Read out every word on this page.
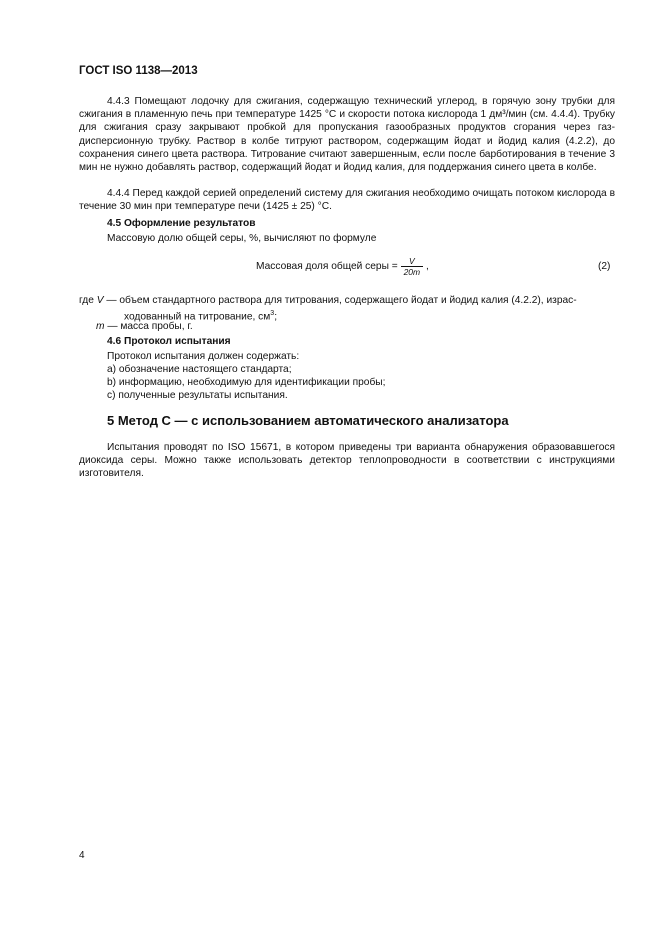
ГОСТ ISO 1138—2013
4.4.3 Помещают лодочку для сжигания, содержащую технический углерод, в горячую зону трубки для сжигания в пламенную печь при температуре 1425 °С и скорости потока кислорода 1 дм³/мин (см. 4.4.4). Трубку для сжигания сразу закрывают пробкой для пропускания газообразных продуктов сгорания через газ-дисперсионную трубку. Раствор в колбе титруют раствором, содержащим йодат и йодид калия (4.2.2), до сохранения синего цвета раствора. Титрование считают завершенным, если после барботирования в течение 3 мин не нужно добавлять раствор, содержащий йодат и йодид калия, для поддержания синего цвета в колбе.
4.4.4 Перед каждой серией определений систему для сжигания необходимо очищать потоком кислорода в течение 30 мин при температуре печи (1425 ± 25) °С.
4.5 Оформление результатов
Массовую долю общей серы, %, вычисляют по формуле
Массовая доля общей серы = $\frac{V}{20m}$ ,	(2)
где V — объем стандартного раствора для титрования, содержащего йодат и йодид калия (4.2.2), израс-
ходованный на титрование, $см^3$;
m — масса пробы, г.
4.6 Протокол испытания
Протокол испытания должен содержать:
a) обозначение настоящего стандарта;
b) информацию, необходимую для идентификации пробы;
c) полученные результаты испытания.
5 Метод С — с использованием автоматического анализатора
Испытания проводят по ISO 15671, в котором приведены три варианта обнаружения образовавшегося диоксида серы. Можно также использовать детектор теплопроводности в соответствии с инструкциями изготовителя.
4
